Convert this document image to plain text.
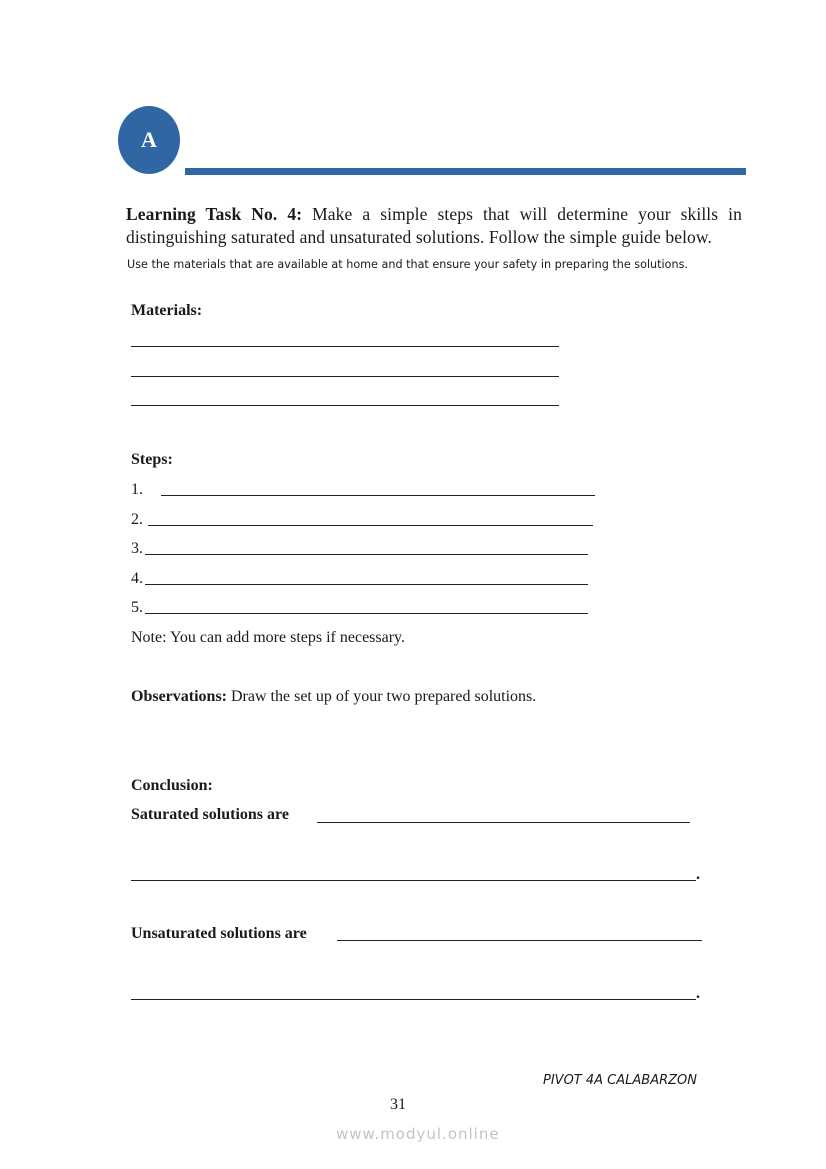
A
Learning Task No. 4: Make a simple steps that will determine your skills in distinguishing saturated and unsaturated solutions. Follow the simple guide below.
Use the materials that are available at home and that ensure your safety in preparing the solutions.
Materials:
Steps:
1.
2.
3.
4.
5.
Note: You can add more steps if necessary.
Observations: Draw the set up of your two prepared solutions.
Conclusion:
Saturated solutions are
.
Unsaturated solutions are
.
PIVOT 4A CALABARZON
31
www.modyul.online
